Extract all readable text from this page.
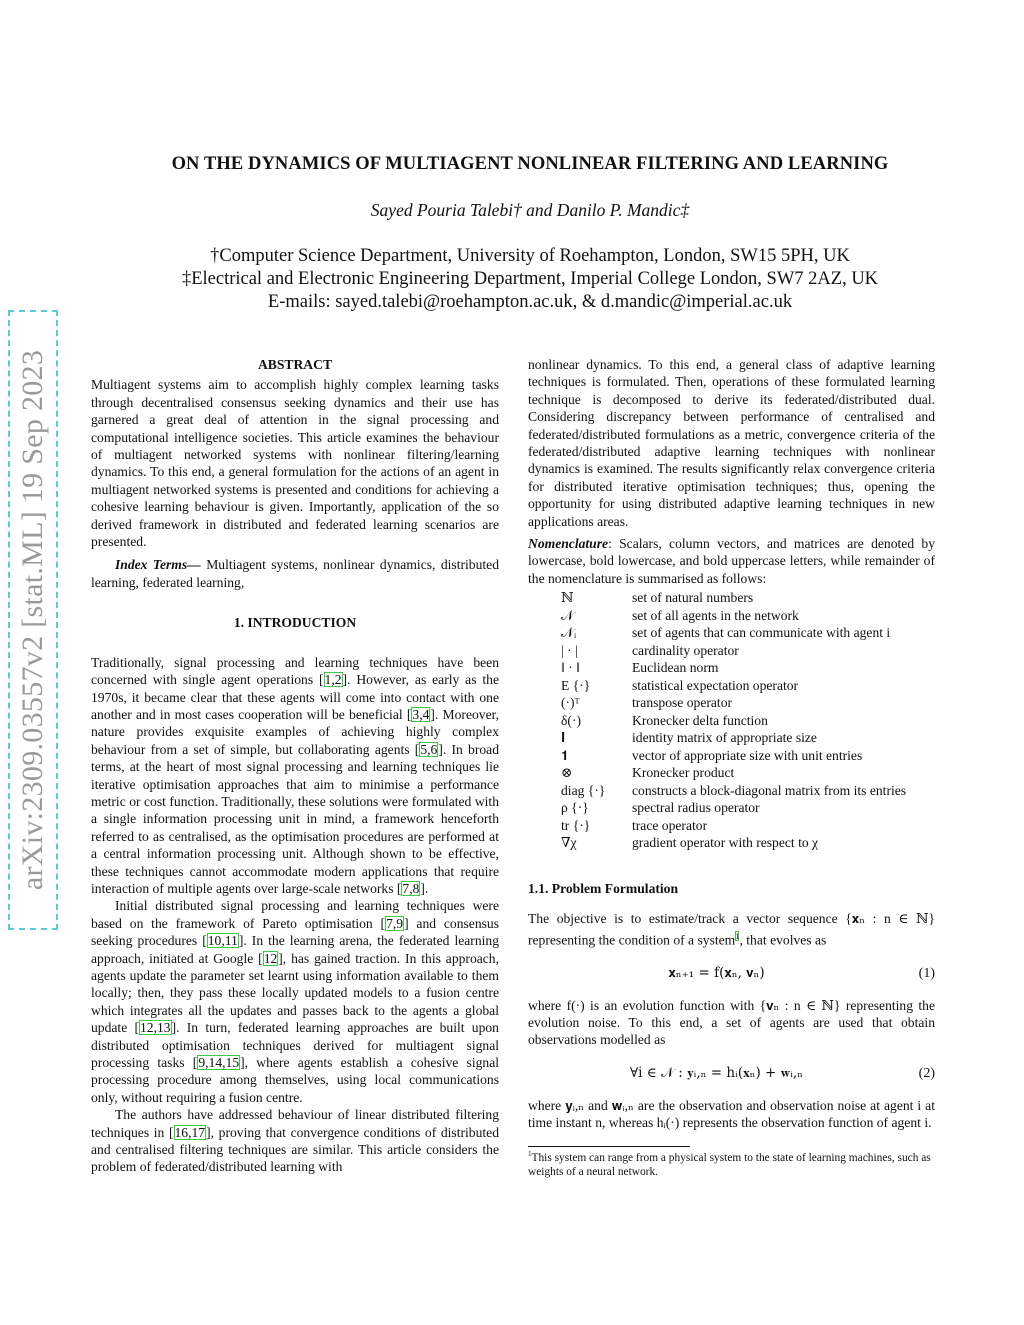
arXiv:2309.03557v2 [stat.ML] 19 Sep 2023
ON THE DYNAMICS OF MULTIAGENT NONLINEAR FILTERING AND LEARNING
Sayed Pouria Talebi† and Danilo P. Mandic‡
†Computer Science Department, University of Roehampton, London, SW15 5PH, UK
‡Electrical and Electronic Engineering Department, Imperial College London, SW7 2AZ, UK
E-mails: sayed.talebi@roehampton.ac.uk, & d.mandic@imperial.ac.uk

ABSTRACT

Multiagent systems aim to accomplish highly complex learning tasks through decentralised consensus seeking dynamics and their use has garnered a great deal of attention in the signal processing and computational intelligence societies. This article examines the behaviour of multiagent networked systems with nonlinear filtering/learning dynamics. To this end, a general formulation for the actions of an agent in multiagent networked systems is presented and conditions for achieving a cohesive learning behaviour is given. Importantly, application of the so derived framework in distributed and federated learning scenarios are presented.

Index Terms— Multiagent systems, nonlinear dynamics, distributed learning, federated learning,

1. INTRODUCTION

Traditionally, signal processing and learning techniques have been concerned with single agent operations [1,2]. However, as early as the 1970s, it became clear that these agents will come into contact with one another and in most cases cooperation will be beneficial [3,4]. Moreover, nature provides exquisite examples of achieving highly complex behaviour from a set of simple, but collaborating agents [5,6]. In broad terms, at the heart of most signal processing and learning techniques lie iterative optimisation approaches that aim to minimise a performance metric or cost function. Traditionally, these solutions were formulated with a single information processing unit in mind, a framework henceforth referred to as centralised, as the optimisation procedures are performed at a central information processing unit. Although shown to be effective, these techniques cannot accommodate modern applications that require interaction of multiple agents over large-scale networks [7,8].

Initial distributed signal processing and learning techniques were based on the framework of Pareto optimisation [7,9] and consensus seeking procedures [10,11]. In the learning arena, the federated learning approach, initiated at Google [12], has gained traction. In this approach, agents update the parameter set learnt using information available to them locally; then, they pass these locally updated models to a fusion centre which integrates all the updates and passes back to the agents a global update [12,13]. In turn, federated learning approaches are built upon distributed optimisation techniques derived for multiagent signal processing tasks [9,14,15], where agents establish a cohesive signal processing procedure among themselves, using local communications only, without requiring a fusion centre.

The authors have addressed behaviour of linear distributed filtering techniques in [16,17], proving that convergence conditions of distributed and centralised filtering techniques are similar. This article considers the problem of federated/distributed learning with

nonlinear dynamics. To this end, a general class of adaptive learning techniques is formulated. Then, operations of these formulated learning technique is decomposed to derive its federated/distributed dual. Considering discrepancy between performance of centralised and federated/distributed formulations as a metric, convergence criteria of the federated/distributed adaptive learning techniques with nonlinear dynamics is examined. The results significantly relax convergence criteria for distributed iterative optimisation techniques; thus, opening the opportunity for using distributed adaptive learning techniques in new applications areas.

Nomenclature: Scalars, column vectors, and matrices are denoted by lowercase, bold lowercase, and bold uppercase letters, while remainder of the nomenclature is summarised as follows:

ℕ	set of natural numbers
𝒩	set of all agents in the network
𝒩ᵢ	set of agents that can communicate with agent i
| · |	cardinality operator
‖ · ‖	Euclidean norm
E {·}	statistical expectation operator
(·)ᵀ	transpose operator
δ(·)	Kronecker delta function
𝐈	identity matrix of appropriate size
𝟏	vector of appropriate size with unit entries
⊗	Kronecker product
diag {·}	constructs a block-diagonal matrix from its entries
ρ {·}	spectral radius operator
tr {·}	trace operator
∇χ	gradient operator with respect to χ

1.1. Problem Formulation

The objective is to estimate/track a vector sequence {𝐱ₙ : n ∈ ℕ} representing the condition of a system$^1$, that evolves as

𝐱ₙ₊₁ = f(𝐱ₙ, 𝐯ₙ)	(1)

where f(·) is an evolution function with {𝐯ₙ : n ∈ ℕ} representing the evolution noise. To this end, a set of agents are used that obtain observations modelled as

∀i ∈ 𝒩 : 𝐲ᵢ,ₙ = hᵢ(𝐱ₙ) + 𝐰ᵢ,ₙ	(2)

where 𝐲ᵢ,ₙ and 𝐰ᵢ,ₙ are the observation and observation noise at agent i at time instant n, whereas hᵢ(·) represents the observation function of agent i.

$^1$This system can range from a physical system to the state of learning machines, such as weights of a neural network.
